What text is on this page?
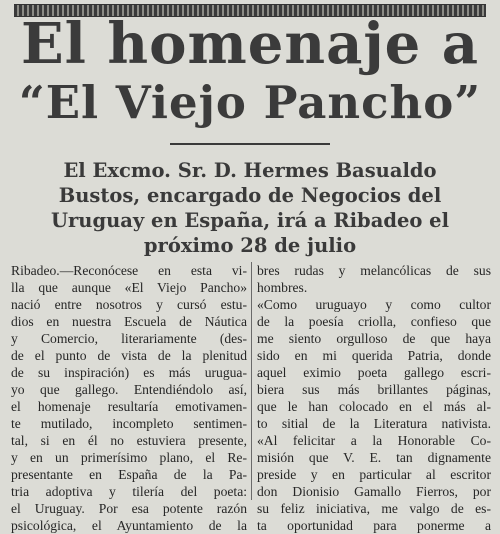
El homenaje a
“El Viejo Pancho”
El Excmo. Sr. D. Hermes Basualdo
Bustos, encargado de Negocios del
Uruguay en España, irá a Ribadeo el
próximo 28 de julio
Ribadeo.—Reconócese en esta vi-
lla que aunque «El Viejo Pancho»
nació entre nosotros y cursó estu-
dios en nuestra Escuela de Náutica
y Comercio, literariamente (des-
de el punto de vista de la plenitud
de su inspiración) es más urugua-
yo que gallego. Entendiéndolo así,
el homenaje resultaría emotivamen-
te mutilado, incompleto sentimen-
tal, si en él no estuviera presente,
y en un primerísimo plano, el Re-
presentante en España de la Pa-
tria adoptiva y tilería del poeta:
el Uruguay. Por esa potente razón
psicológica, el Ayuntamiento de la
bres rudas y melancólicas de sus
hombres.
«Como uruguayo y como cultor
de la poesía criolla, confieso que
me siento orgulloso de que haya
sido en mi querida Patria, donde
aquel eximio poeta gallego escri-
biera sus más brillantes páginas,
que le han colocado en el más al-
to sitial de la Literatura nativista.
«Al felicitar a la Honorable Co-
misión que V. E. tan dignamente
preside y en particular al escritor
don Dionisio Gamallo Fierros, por
su feliz iniciativa, me valgo de es-
ta oportunidad para ponerme a
